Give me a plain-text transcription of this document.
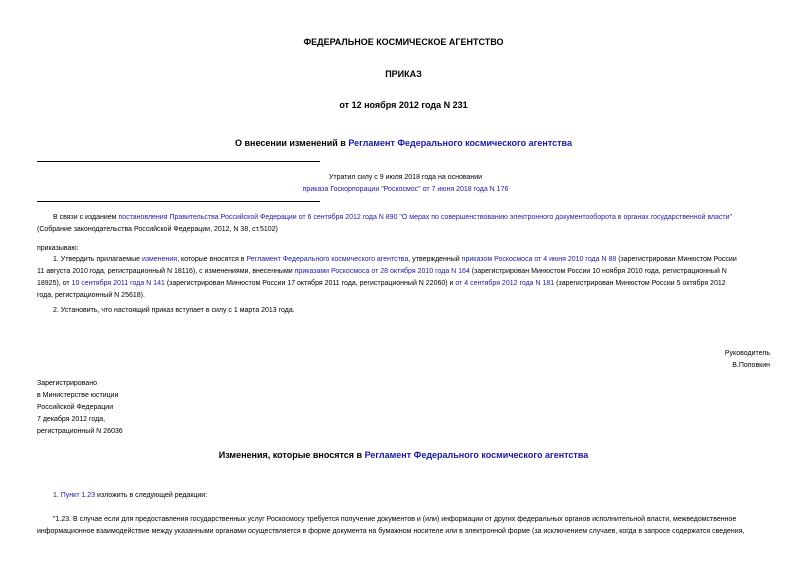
ФЕДЕРАЛЬНОЕ КОСМИЧЕСКОЕ АГЕНТСТВО
ПРИКАЗ
от 12 ноября 2012 года N 231
О внесении изменений в Регламент Федерального космического агентства
Утратил силу с 9 июля 2018 года на основании
приказа Госкорпорации "Роскосмос" от 7 июня 2018 года N 176
В связи с изданием постановления Правительства Российской Федерации от 6 сентября 2012 года N 890 "О мерах по совершенствованию электронного документооборота в органах государственной власти"
(Собрание законодательства Российской Федерации, 2012, N 38, ст.5102)
приказываю:
1. Утвердить прилагаемые изменения, которые вносятся в Регламент Федерального космического агентства, утвержденный приказом Роскосмоса от 4 июня 2010 года N 88 (зарегистрирован Минюстом России
11 августа 2010 года, регистрационный N 18116), с изменениями, внесенными приказами Роскосмоса от 28 октября 2010 года N 164 (зарегистрирован Минюстом России 10 ноября 2010 года, регистрационный N
18925), от 10 сентября 2011 года N 141 (зарегистрирован Минюстом России 17 октября 2011 года, регистрационный N 22060) и от 4 сентября 2012 года N 181 (зарегистрирован Минюстом России 5 октября 2012
года, регистрационный N 25618).
2. Установить, что настоящий приказ вступает в силу с 1 марта 2013 года.
Руководитель
В.Поповкин
Зарегистрировано
в Министерстве юстиции
Российской Федерации
7 декабря 2012 года,
регистрационный N 26036
Изменения, которые вносятся в Регламент Федерального космического агентства
1. Пункт 1.23 изложить в следующей редакции:
"1.23. В случае если для предоставления государственных услуг Роскосмосу требуется получение документов и (или) информации от других федеральных органов исполнительной власти, межведомственное
информационное взаимодействие между указанными органами осуществляется в форме документа на бумажном носителе или в электронной форме (за исключением случаев, когда в запросе содержатся сведения,
